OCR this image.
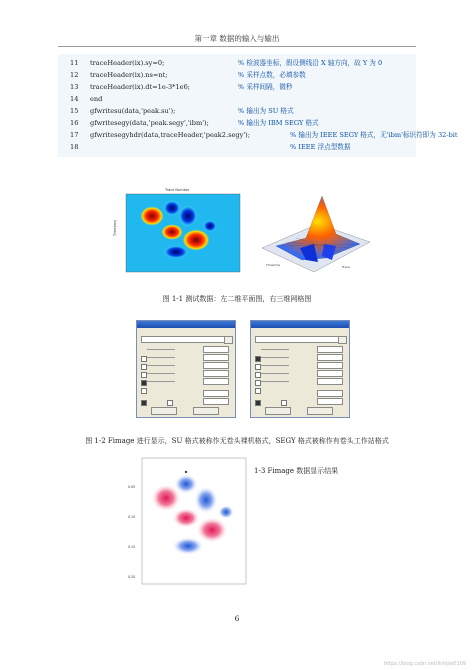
第一章 数据的输入与输出
11 traceHeader(ix).sy=0;	% 检波器坐标，假设侧线沿 X 轴方向，故 Y 为 0
12 traceHeader(ix).ns=nt;	% 采样点数，必填参数
13 traceHeader(ix).dt=1e-3*1e6;	% 采样间隔，微秒
14 end
15 gfwritesu(data,'peak.su');	% 输出为 SU 格式
16 gfwritesegy(data,'peak.segy','ibm');	% 输出为 IBM SEGY 格式
17 gfwritesegyhdr(data,traceHeader,'peak2.segy');	% 输出为 IEEE SEGY 格式，无'ibm'标识符即为 32-bit
18	% IEEE 浮点型数据
Trace Number
Time(ms)
Time(ms)	Trace
图 1-1 测试数据：左二维平面图，右三维网格图
图 1-2 Fimage 进行显示，SU 格式被称作无卷头裸机格式，SEGY 格式被称作有卷头工作站格式
0.05
0.10
0.15
0.20
1-3 Fimage 数据显示结果
6
https://blog.csdn.net/lishijie0109
